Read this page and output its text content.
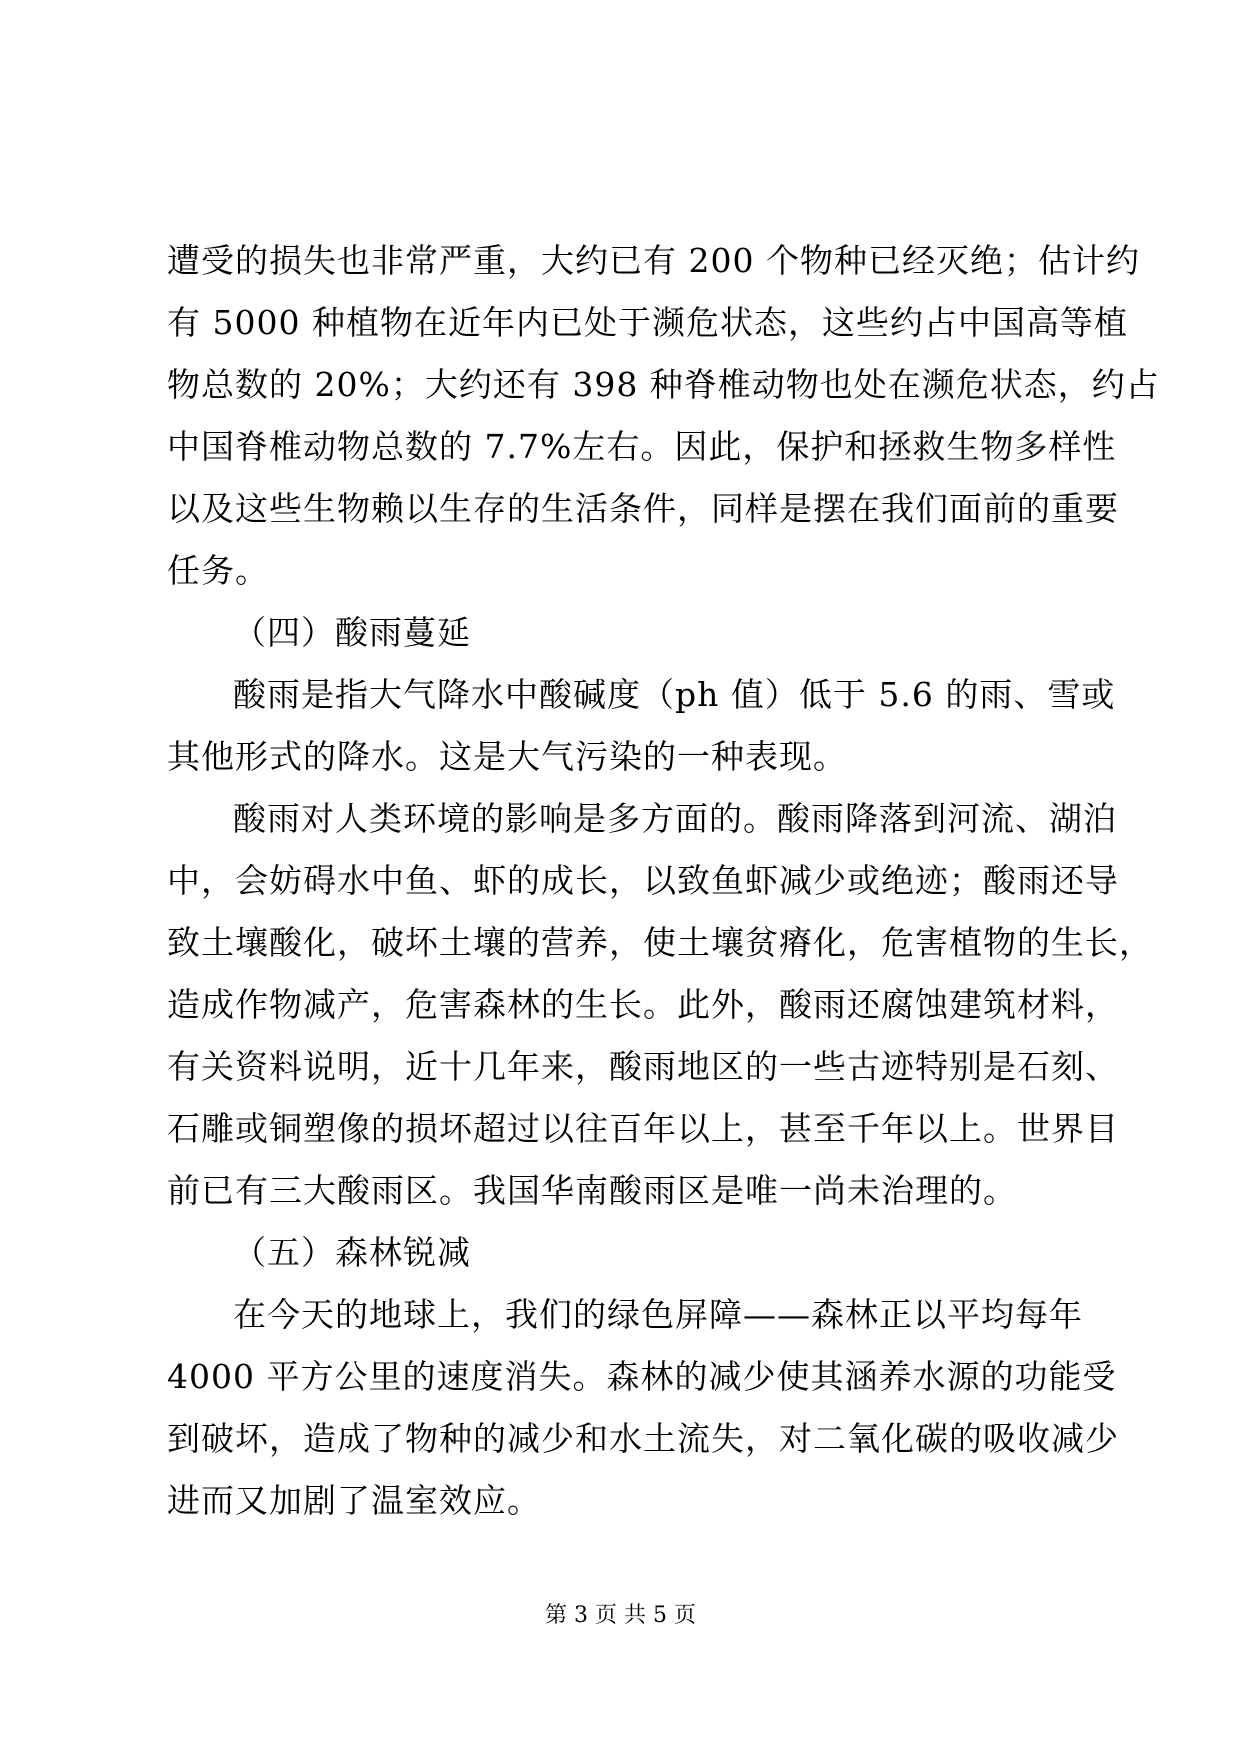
遭受的损失也非常严重，大约已有 200 个物种已经灭绝；估计约
有 5000 种植物在近年内已处于濒危状态，这些约占中国高等植
物总数的 20%；大约还有 398 种脊椎动物也处在濒危状态，约占
中国脊椎动物总数的 7.7%左右。因此，保护和拯救生物多样性
以及这些生物赖以生存的生活条件，同样是摆在我们面前的重要
任务。
（四）酸雨蔓延
酸雨是指大气降水中酸碱度（ph 值）低于 5.6 的雨、雪或
其他形式的降水。这是大气污染的一种表现。
酸雨对人类环境的影响是多方面的。酸雨降落到河流、湖泊
中，会妨碍水中鱼、虾的成长，以致鱼虾减少或绝迹；酸雨还导
致土壤酸化，破坏土壤的营养，使土壤贫瘠化，危害植物的生长，
造成作物减产，危害森林的生长。此外，酸雨还腐蚀建筑材料，
有关资料说明，近十几年来，酸雨地区的一些古迹特别是石刻、
石雕或铜塑像的损坏超过以往百年以上，甚至千年以上。世界目
前已有三大酸雨区。我国华南酸雨区是唯一尚未治理的。
（五）森林锐减
在今天的地球上，我们的绿色屏障——森林正以平均每年
4000 平方公里的速度消失。森林的减少使其涵养水源的功能受
到破坏，造成了物种的减少和水土流失，对二氧化碳的吸收减少
进而又加剧了温室效应。
第 3 页 共 5 页
